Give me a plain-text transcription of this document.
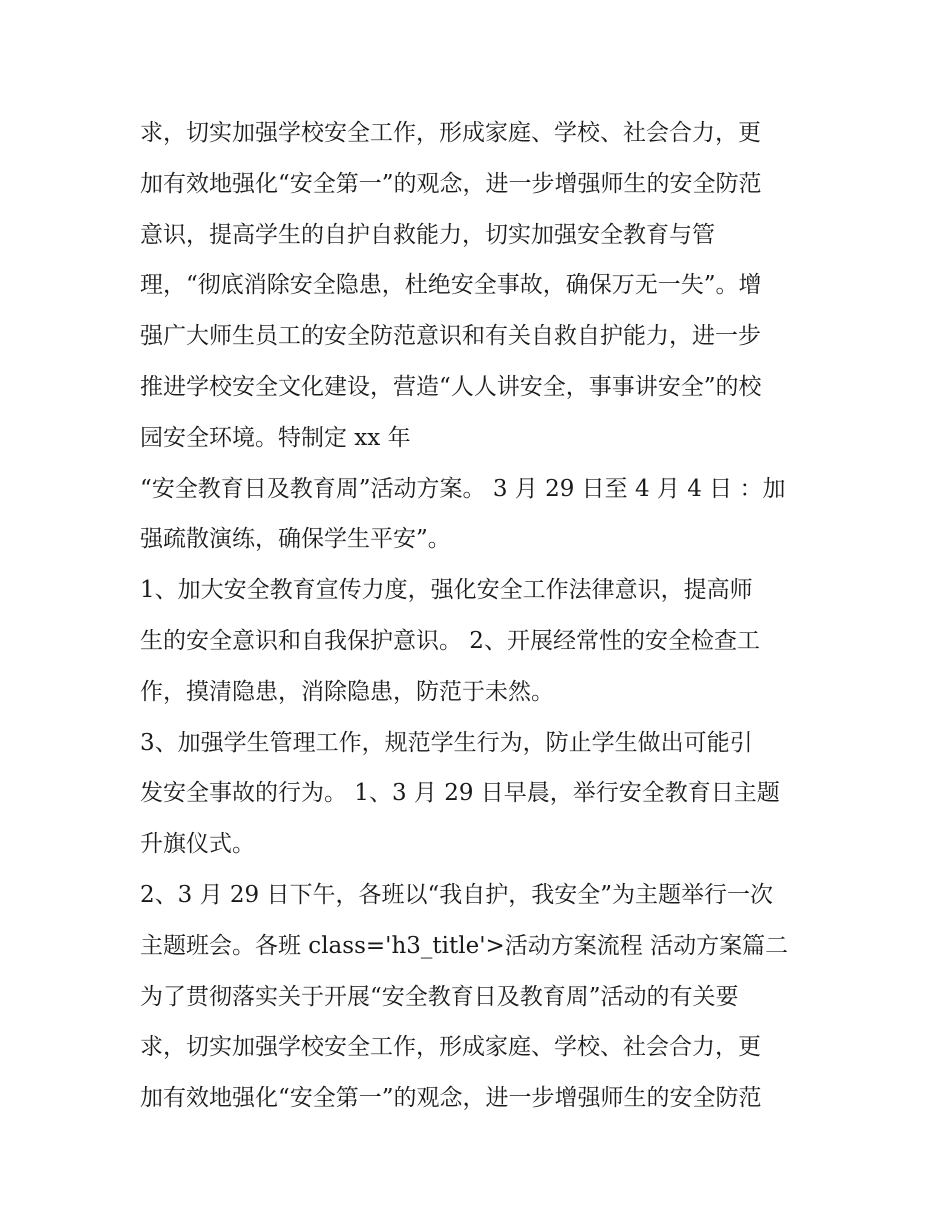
求，切实加强学校安全工作，形成家庭、学校、社会合力，更
加有效地强化“安全第一”的观念，进一步增强师生的安全防范
意识，提高学生的自护自救能力，切实加强安全教育与管
理，“彻底消除安全隐患，杜绝安全事故，确保万无一失”。增
强广大师生员工的安全防范意识和有关自救自护能力，进一步
推进学校安全文化建设，营造“人人讲安全，事事讲安全”的校
园安全环境。特制定 xx 年
“安全教育日及教育周”活动方案。 3 月 29 日至 4 月 4 日 ：加
强疏散演练，确保学生平安”。
1、加大安全教育宣传力度，强化安全工作法律意识，提高师
生的安全意识和自我保护意识。 2、开展经常性的安全检查工
作，摸清隐患，消除隐患，防范于未然。
3、加强学生管理工作，规范学生行为，防止学生做出可能引
发安全事故的行为。 1、3 月 29 日早晨，举行安全教育日主题
升旗仪式。
2、3 月 29 日下午，各班以“我自护，我安全”为主题举行一次
主题班会。各班 class='h3_title'>活动方案流程 活动方案篇二
为了贯彻落实关于开展“安全教育日及教育周”活动的有关要
求，切实加强学校安全工作，形成家庭、学校、社会合力，更
加有效地强化“安全第一”的观念，进一步增强师生的安全防范
